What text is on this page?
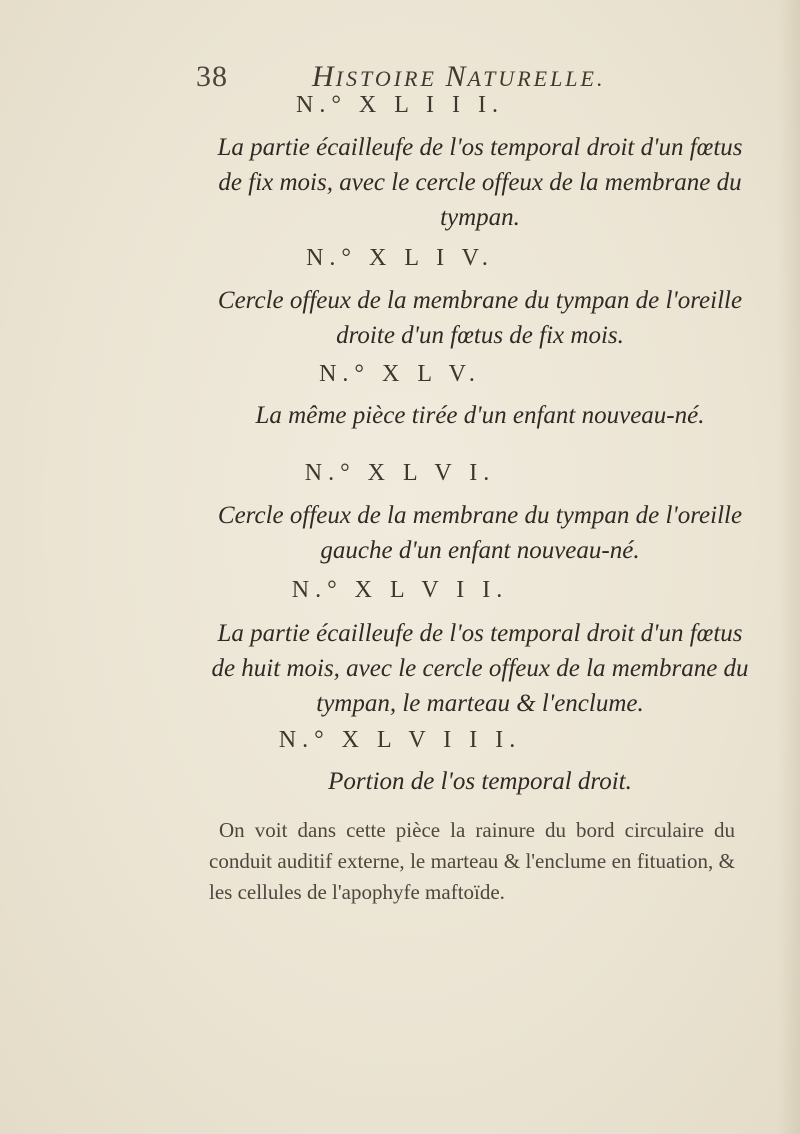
38	HISTOIRE NATURELLE.
N.° X L I I I.
La partie écailleufe de l'os temporal droit d'un fœtus de fix mois, avec le cercle offeux de la membrane du tympan.
N.° X L I V.
Cercle offeux de la membrane du tympan de l'oreille droite d'un fœtus de fix mois.
N.° X L V.
La même pièce tirée d'un enfant nouveau-né.
N.° X L V I.
Cercle offeux de la membrane du tympan de l'oreille gauche d'un enfant nouveau-né.
N.° X L V I I.
La partie écailleufe de l'os temporal droit d'un fœtus de huit mois, avec le cercle offeux de la membrane du tympan, le marteau & l'enclume.
N.° X L V I I I.
Portion de l'os temporal droit.
On voit dans cette pièce la rainure du bord circulaire du conduit auditif externe, le marteau & l'enclume en fituation, & les cellules de l'apophyfe maftoïde.
